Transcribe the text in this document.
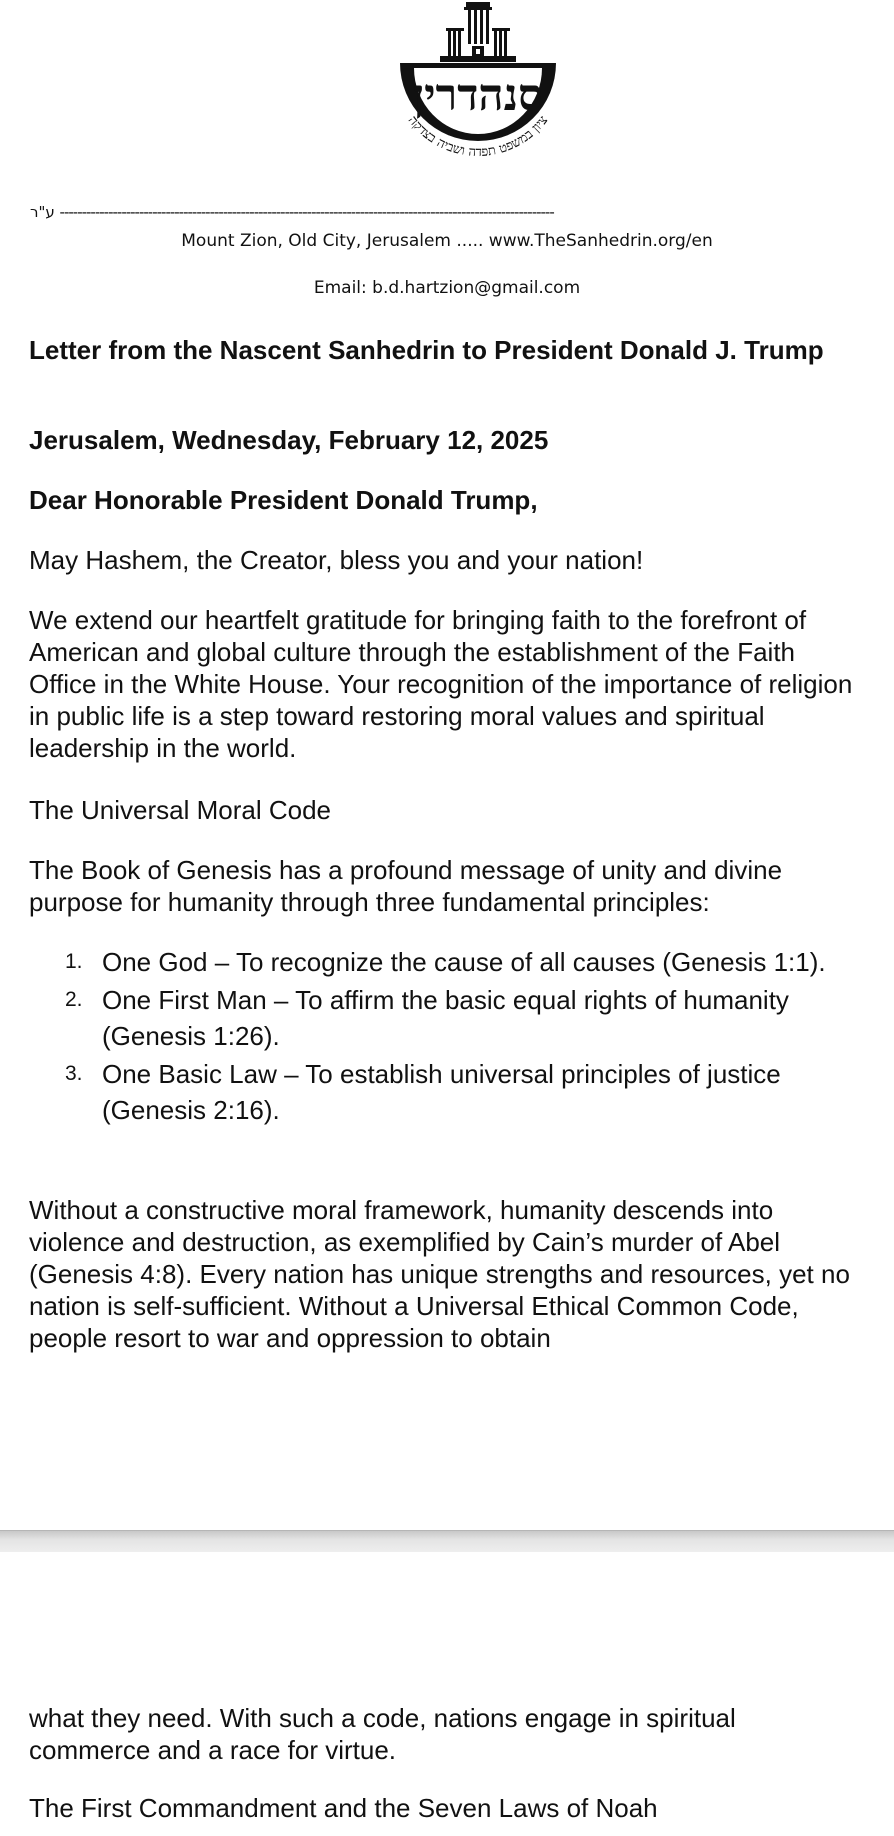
סנהדרין
ציון במשפט תפדה ושביה בצדקה
ע"ר ----------------------------------------------------------------------------------------------------------------
Mount Zion, Old City, Jerusalem ..... www.TheSanhedrin.org/en
Email: b.d.hartzion@gmail.com
Letter from the Nascent Sanhedrin to President Donald J. Trump
Jerusalem, Wednesday, February 12, 2025
Dear Honorable President Donald Trump,
May Hashem, the Creator, bless you and your nation!
We extend our heartfelt gratitude for bringing faith to the forefront of American and global culture through the establishment of the Faith Office in the White House. Your recognition of the importance of religion in public life is a step toward restoring moral values and spiritual leadership in the world.
The Universal Moral Code
The Book of Genesis has a profound message of unity and divine purpose for humanity through three fundamental principles:
1. One God – To recognize the cause of all causes (Genesis 1:1).
2. One First Man – To affirm the basic equal rights of humanity (Genesis 1:26).
3. One Basic Law – To establish universal principles of justice (Genesis 2:16).
Without a constructive moral framework, humanity descends into violence and destruction, as exemplified by Cain’s murder of Abel (Genesis 4:8). Every nation has unique strengths and resources, yet no nation is self-sufficient. Without a Universal Ethical Common Code, people resort to war and oppression to obtain
what they need. With such a code, nations engage in spiritual commerce and a race for virtue.
The First Commandment and the Seven Laws of Noah
